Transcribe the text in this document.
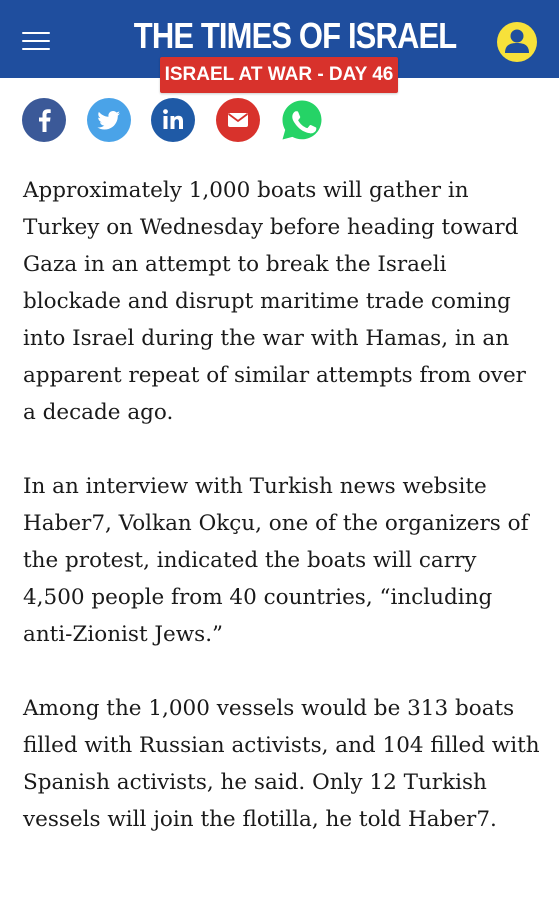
THE TIMES OF ISRAEL
ISRAEL AT WAR - DAY 46

Approximately 1,000 boats will gather in Turkey on Wednesday before heading toward Gaza in an attempt to break the Israeli blockade and disrupt maritime trade coming into Israel during the war with Hamas, in an apparent repeat of similar attempts from over a decade ago.

In an interview with Turkish news website Haber7, Volkan Okçu, one of the organizers of the protest, indicated the boats will carry 4,500 people from 40 countries, “including anti-Zionist Jews.”

Among the 1,000 vessels would be 313 boats filled with Russian activists, and 104 filled with Spanish activists, he said. Only 12 Turkish vessels will join the flotilla, he told Haber7.
